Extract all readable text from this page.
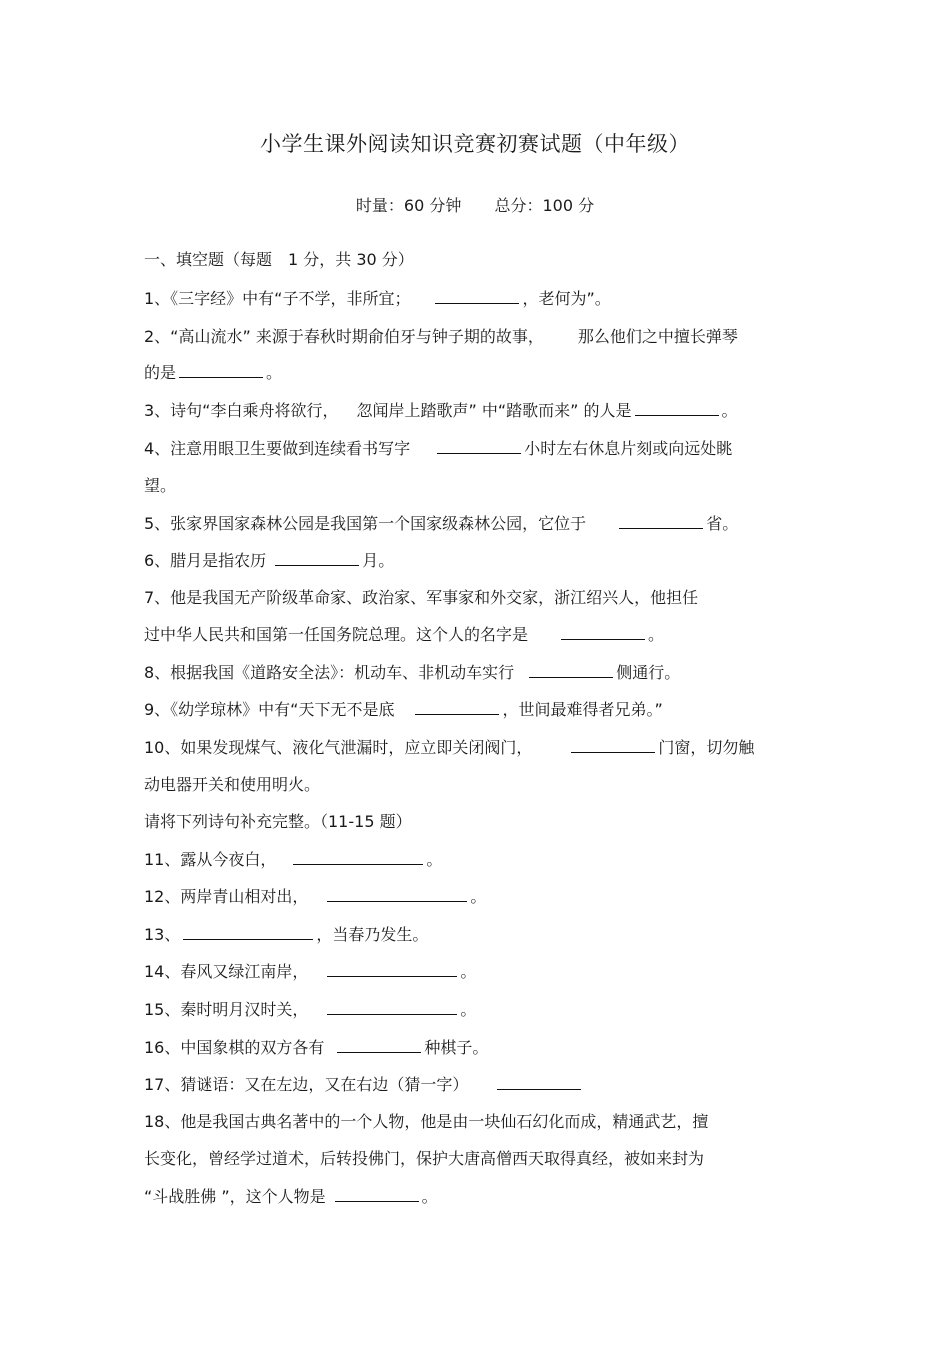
小学生课外阅读知识竞赛初赛试题（中年级）
时量：60 分钟 总分：100 分
一、填空题（每题　1 分，共 30 分）
1、《三字经》中有“子不学，非所宜；	，老何为”。
2、“高山流水” 来源于春秋时期俞伯牙与钟子期的故事， 那么他们之中擅长弹琴
的是	。
3、诗句“李白乘舟将欲行， 忽闻岸上踏歌声” 中“踏歌而来” 的人是	。
4、注意用眼卫生要做到连续看书写字	小时左右休息片刻或向远处眺
望。
5、张家界国家森林公园是我国第一个国家级森林公园，它位于	省。
6、腊月是指农历	月。
7、他是我国无产阶级革命家、政治家、军事家和外交家，浙江绍兴人，他担任
过中华人民共和国第一任国务院总理。这个人的名字是	。
8、根据我国《道路安全法》：机动车、非机动车实行	侧通行。
9、《幼学琼林》中有“天下无不是底	，世间最难得者兄弟。”
10、如果发现煤气、液化气泄漏时，应立即关闭阀门，	门窗，切勿触
动电器开关和使用明火。
请将下列诗句补充完整。（11-15 题）
11、露从今夜白，	。
12、两岸青山相对出，	。
13、	，当春乃发生。
14、春风又绿江南岸，	。
15、秦时明月汉时关，	。
16、中国象棋的双方各有	种棋子。
17、猜谜语：又在左边，又在右边（猜一字）
18、他是我国古典名著中的一个人物，他是由一块仙石幻化而成，精通武艺，擅
长变化，曾经学过道术，后转投佛门，保护大唐高僧西天取得真经，被如来封为
“斗战胜佛 ”，这个人物是	。
